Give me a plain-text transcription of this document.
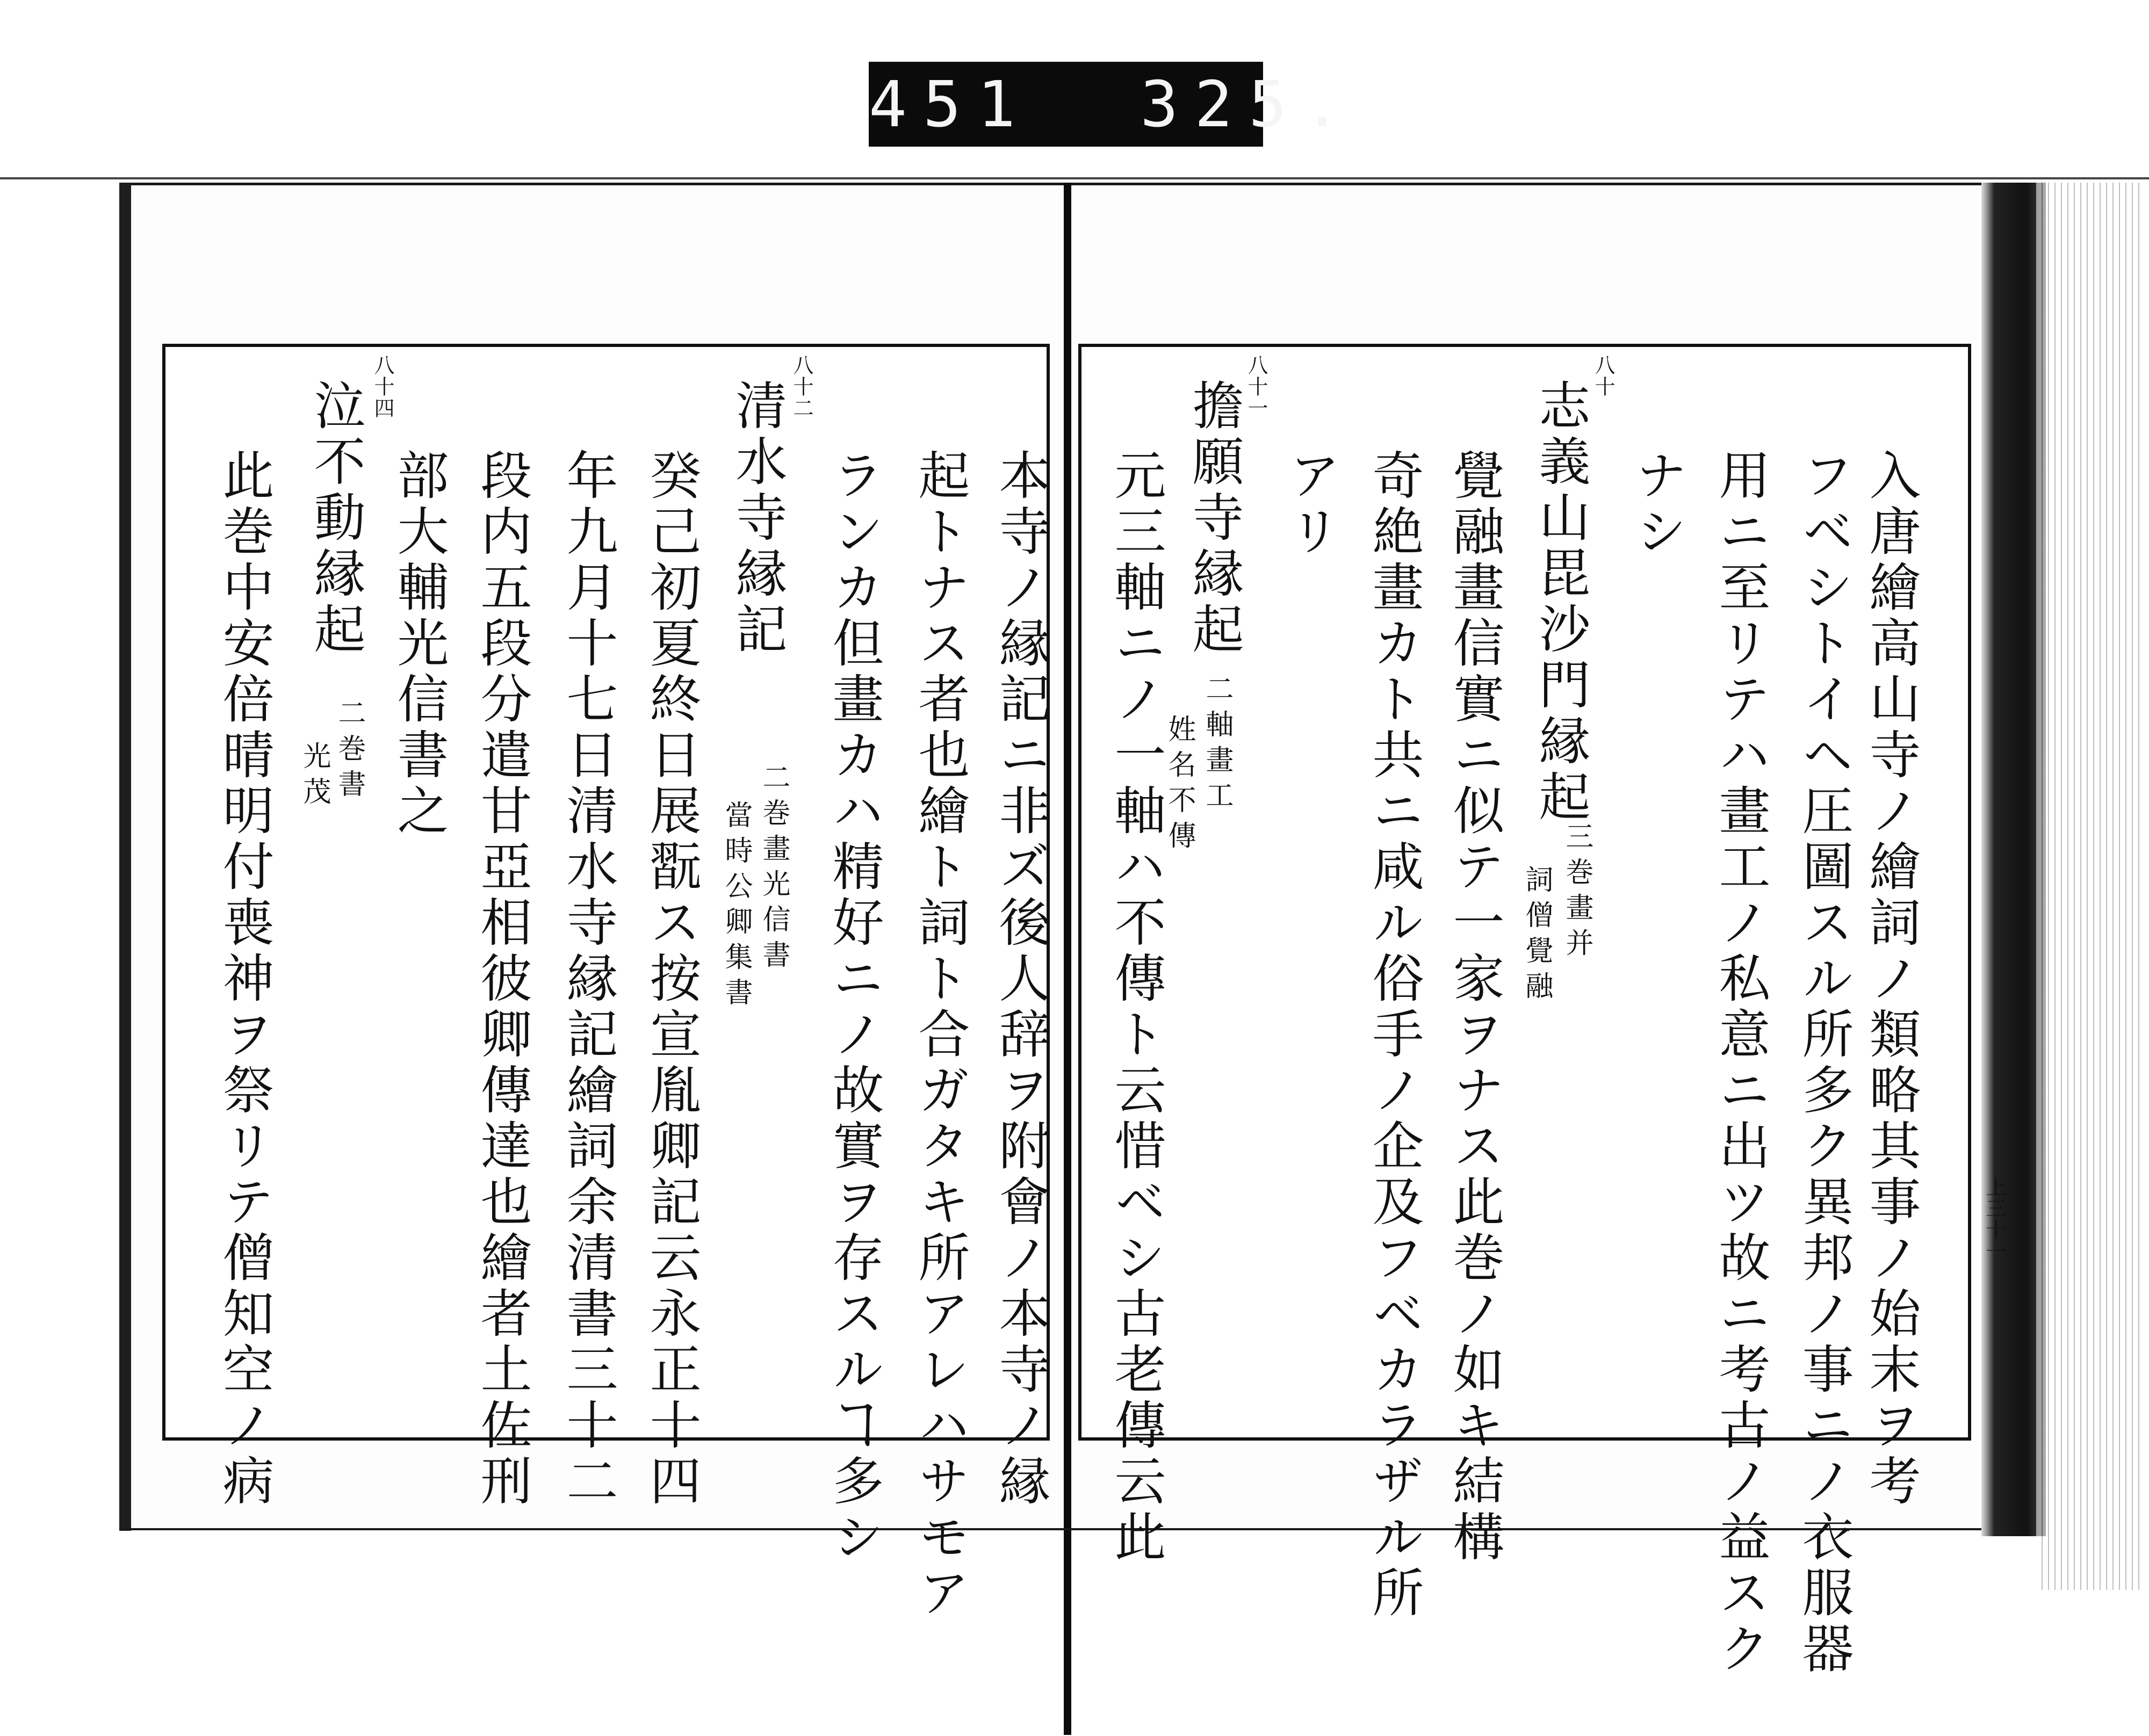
451  325.
入唐繪高山寺ノ繪詞ノ類略其事ノ始末ヲ考
フベシトイヘ圧圖スル所多ク異邦ノ事ニノ衣服器
用ニ至リテハ畫工ノ私意ニ出ツ故ニ考古ノ益スク
ナシ
八十
志義山毘沙門縁起
三巻畫并
詞僧覺融
覺融畫信實ニ似テ一家ヲナス此巻ノ如キ結構
奇絶畫カト共ニ咸ル俗手ノ企及フベカラザル所
アリ
八十一
擔願寺縁起
二軸畫工
姓名不傳
元三軸ニノ一軸ハ不傳ト云惜ベシ古老傳云此	上三十一
本寺ノ縁記ニ非ズ後人辞ヲ附會ノ本寺ノ縁
起トナス者也繪ト詞ト合ガタキ所アレハサモア
ランカ但畫カハ精好ニノ故實ヲ存スルヿ多シ
八十二
清水寺縁記
二巻畫光信書
當時公卿集書
癸己初夏終日展翫ス按宣胤卿記云永正十四
年九月十七日清水寺縁記繪詞余清書三十二
段内五段分遣甘亞相彼卿傳達也繪者土佐刑
部大輔光信書之
八十四
泣不動縁起
二巻書
光茂
此巻中安倍晴明付喪神ヲ祭リテ僧知空ノ病
